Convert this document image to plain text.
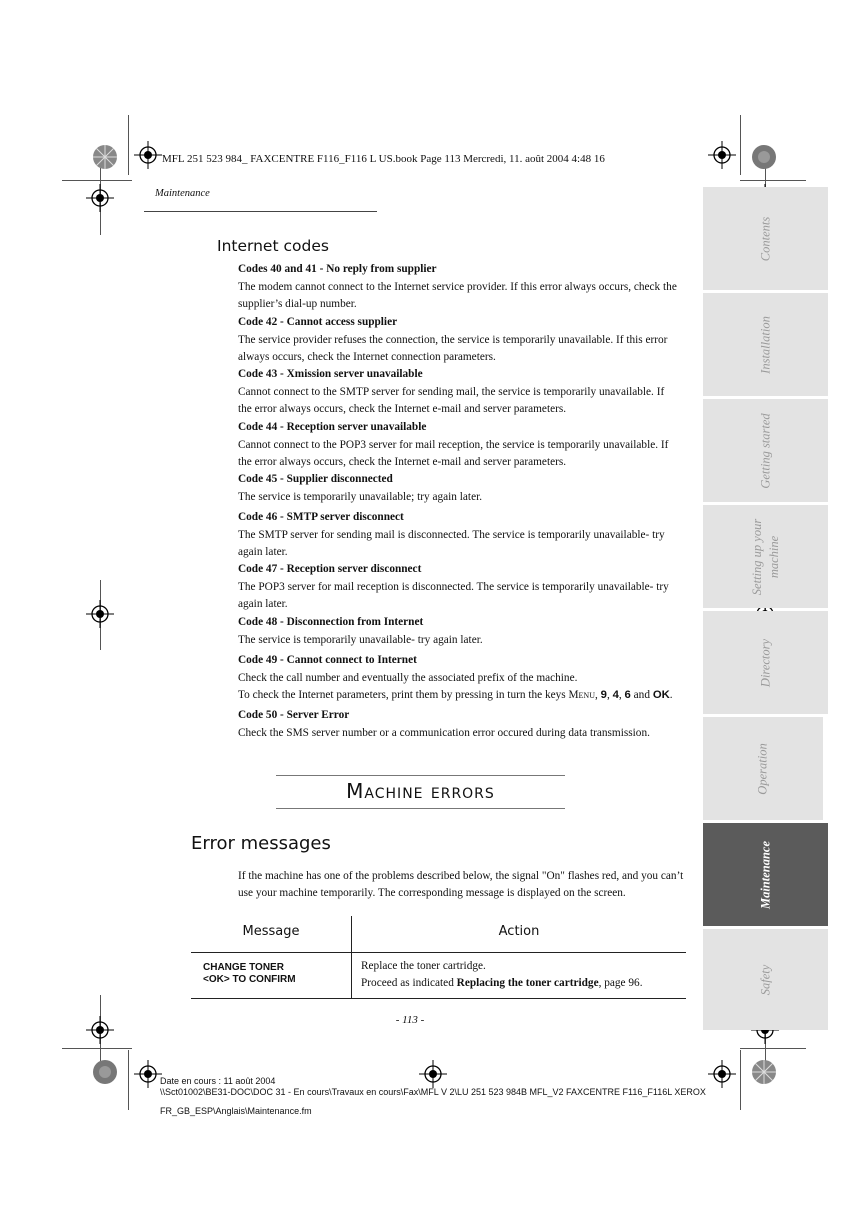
MFL 251 523 984_ FAXCENTRE F116_F116 L US.book Page 113 Mercredi, 11. août 2004 4:48 16
Maintenance
Contents
Installation
Getting started
Setting up your machine
Directory
Operation
Maintenance
Safety
Internet codes
Codes 40 and 41 - No reply from supplier
The modem cannot connect to the Internet service provider. If this error always occurs, check the
supplier’s dial-up number.
Code 42 - Cannot access supplier
The service provider refuses the connection, the service is temporarily unavailable. If this error
always occurs, check the Internet connection parameters.
Code 43 - Xmission server unavailable
Cannot connect to the SMTP server for sending mail, the service is temporarily unavailable. If
the error always occurs, check the Internet e-mail and server parameters.
Code 44 - Reception server unavailable
Cannot connect to the POP3 server for mail reception, the service is temporarily unavailable. If
the error always occurs, check the Internet e-mail and server parameters.
Code 45 - Supplier disconnected
The service is temporarily unavailable; try again later.
Code 46 - SMTP server disconnect
The SMTP server for sending mail is disconnected. The service is temporarily unavailable- try
again later.
Code 47 - Reception server disconnect
The POP3 server for mail reception is disconnected. The service is temporarily unavailable- try
again later.
Code 48 - Disconnection from Internet
The service is temporarily unavailable- try again later.
Code 49 - Cannot connect to Internet
Check the call number and eventually the associated prefix of the machine.
To check the Internet parameters, print them by pressing in turn the keys Menu, 9, 4, 6 and OK.
Code 50 - Server Error
Check the SMS server number or a communication error occured during data transmission.
Machine errors
Error messages
If the machine has one of the problems described below, the signal "On" flashes red, and you can’t
use your machine temporarily. The corresponding message is displayed on the screen.
Message	Action
CHANGE TONER
<OK> TO CONFIRM
Replace the toner cartridge.
Proceed as indicated Replacing the toner cartridge, page 96.
- 113 -
Date en cours : 11 août 2004
\\Sct01002\BE31-DOC\DOC 31 - En cours\Travaux en cours\Fax\MFL V 2\LU 251 523 984B MFL_V2 FAXCENTRE F116_F116L XEROX
FR_GB_ESP\Anglais\Maintenance.fm
